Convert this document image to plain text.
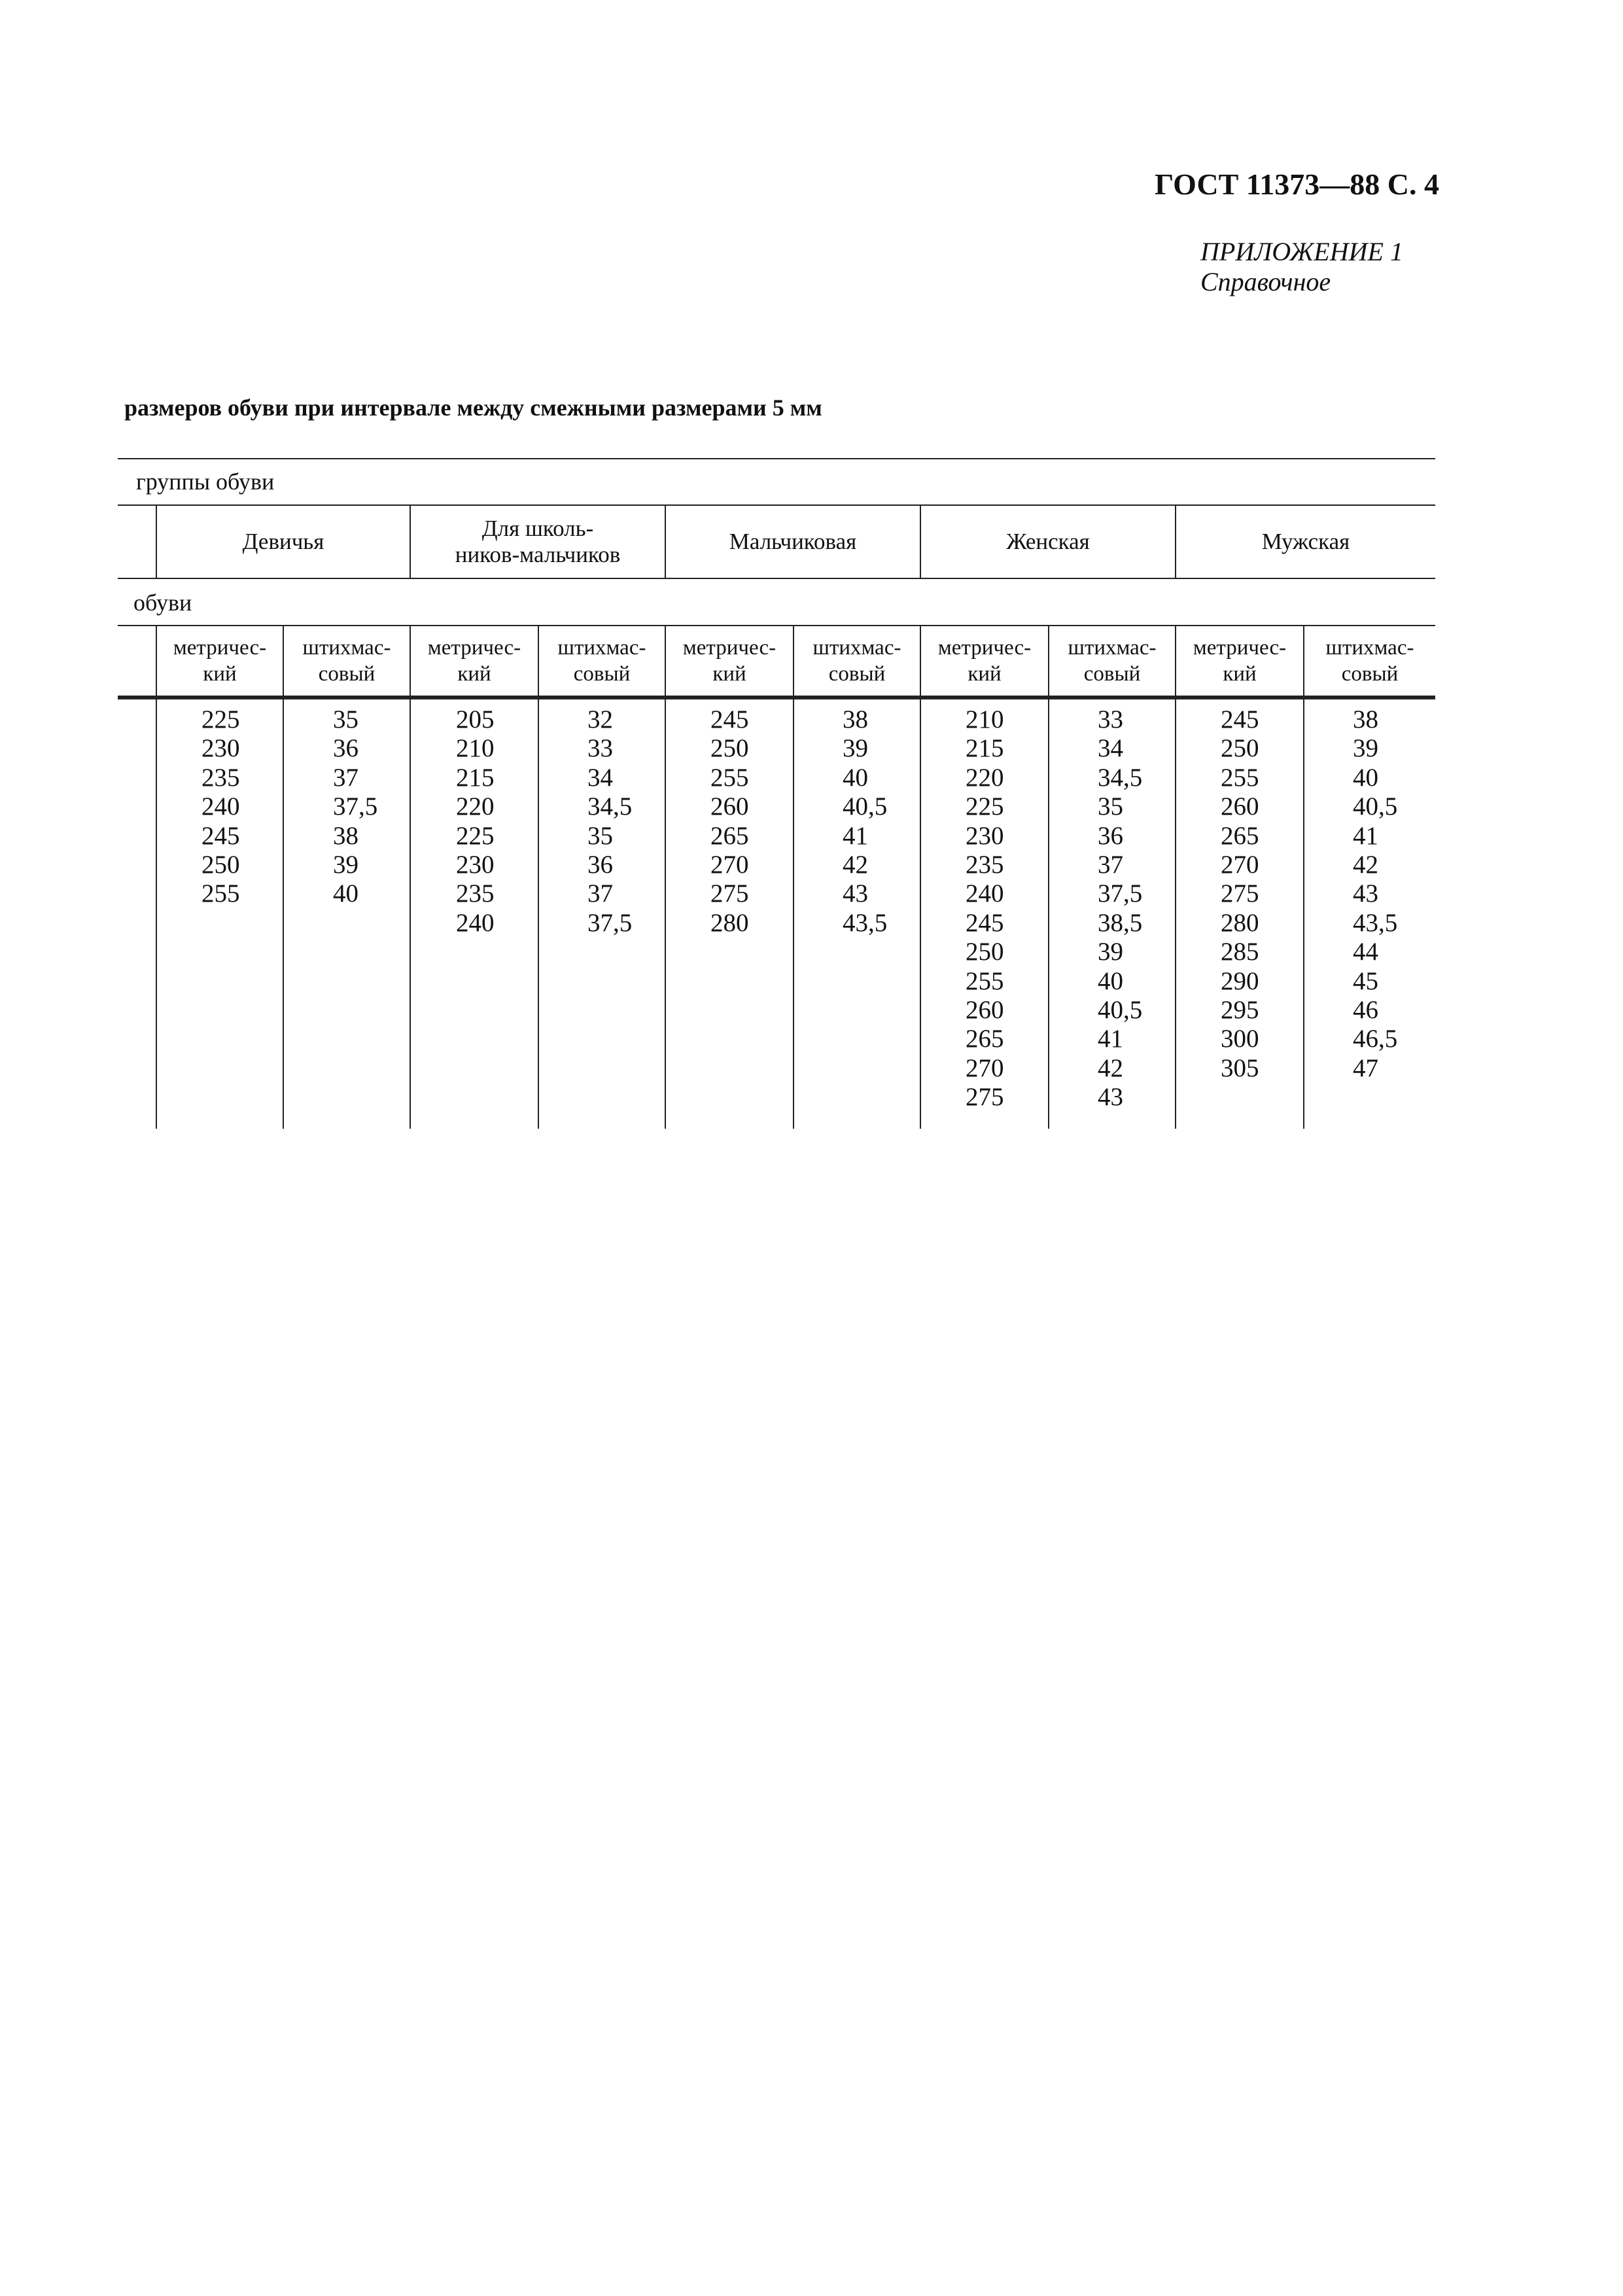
ГОСТ 11373—88 С. 4
ПРИЛОЖЕНИЕ 1
Справочное
размеров обуви при интервале между смежными размерами 5 мм
группы обуви
обуви
Девичья
Для школь-
ников-мальчиков
Мальчиковая	Женская	Мужская
метричес-
кий
штихмас-
совый
метричес-
кий
штихмас-
совый
метричес-
кий
штихмас-
совый
метричес-
кий
штихмас-
совый
метричес-
кий
штихмас-
совый
225
230
235
240
245
250
255
35
36
37
37,5
38
39
40
205
210
215
220
225
230
235
240
32
33
34
34,5
35
36
37
37,5
245
250
255
260
265
270
275
280
38
39
40
40,5
41
42
43
43,5
210
215
220
225
230
235
240
245
250
255
260
265
270
275
33
34
34,5
35
36
37
37,5
38,5
39
40
40,5
41
42
43
245
250
255
260
265
270
275
280
285
290
295
300
305
38
39
40
40,5
41
42
43
43,5
44
45
46
46,5
47
